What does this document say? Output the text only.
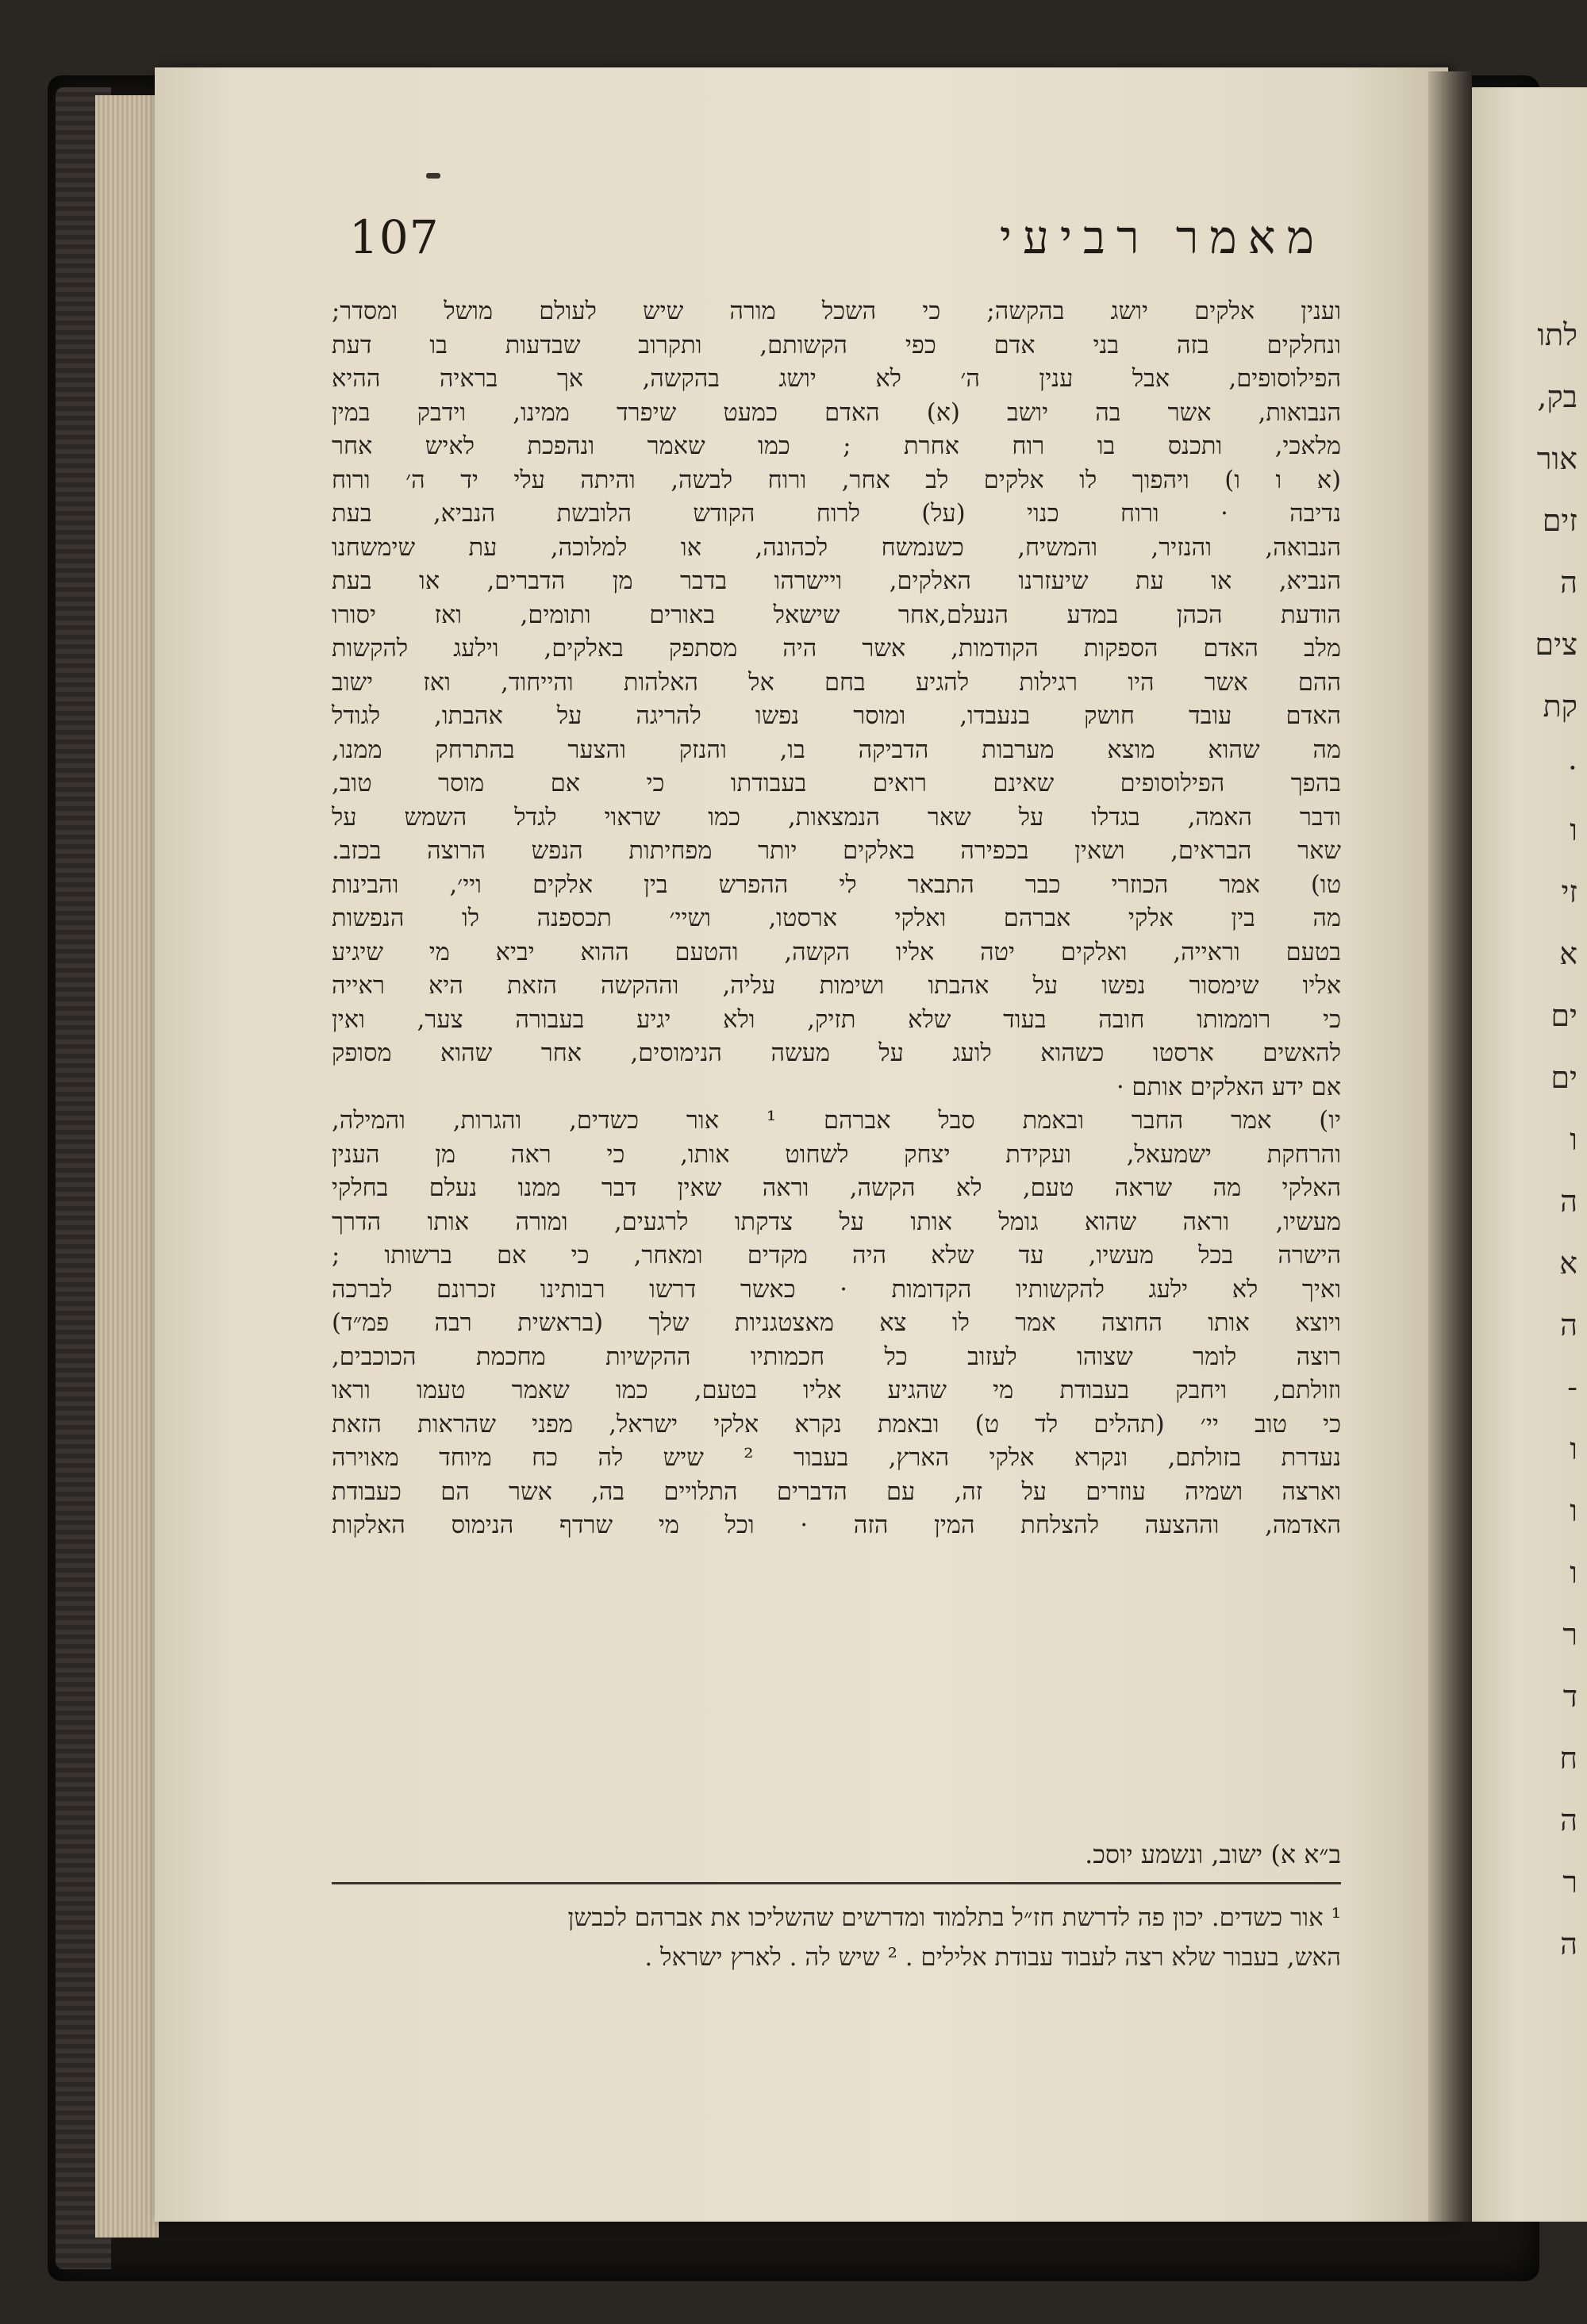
107	מאמר רביעי
וענין אלקים יושג בהקשה; כי השכל מורה שיש לעולם מושל ומסדר;
ונחלקים בזה בני אדם כפי הקשותם, ותקרוב שבדעות בו דעת
הפילוסופים, אבל ענין ה׳ לא יושג בהקשה, אך בראיה ההיא
הנבואות, אשר בה יושב (א) האדם כמעט שיפרד ממינו, וידבק במין
מלאכי, ותכנס בו רוח אחרת ; כמו שאמר ונהפכת לאיש אחר
(א ו ו) ויהפוך לו אלקים לב אחר, ורוח לבשה, והיתה עלי יד ה׳ ורוח
נדיבה · ורוח כנוי (על) לרוח הקודש הלובשת הנביא, בעת
הנבואה, והנזיר, והמשיח, כשנמשח לכהונה, או למלוכה, עת שימשחנו
הנביא, או עת שיעזרנו האלקים, ויישרהו בדבר מן הדברים, או בעת
הודעת הכהן במדע הנעלם,אחר שישאל באורים ותומים, ואז יסורו
מלב האדם הספקות הקודמות, אשר היה מסתפק באלקים, וילעג להקשות
ההם אשר היו רגילות להגיע בחם אל האלהות והייחוד, ואז ישוב
האדם עובד חושק בנעבדו, ומוסר נפשו להריגה על אהבתו, לגודל
מה שהוא מוצא מערבות הדביקה בו, והנזק והצער בהתרחק ממנו,
בהפך הפילוסופים שאינם רואים בעבודתו כי אם מוסר טוב,
ודבר האמה, בגדלו על שאר הנמצאות, כמו שראוי לגדל השמש על
שאר הבראים, ושאין בכפירה באלקים יותר מפחיתות הנפש הרוצה בכזב.
טו) אמר הכוזרי כבר התבאר לי ההפרש בין אלקים ויי׳, והבינות
מה בין אלקי אברהם ואלקי ארסטו, ושיי׳ תכספנה לו הנפשות
בטעם וראייה, ואלקים יטה אליו הקשה, והטעם ההוא יביא מי שיגיע
אליו שימסור נפשו על אהבתו ושימות עליה, וההקשה הזאת היא ראייה
כי רוממותו חובה בעוד שלא תזיק, ולא יגיע בעבורה צער, ואין
להאשים ארסטו כשהוא לועג על מעשה הנימוסים, אחר שהוא מסופק
אם ידע האלקים אותם ·
יו) אמר החבר ובאמת סבל אברהם ¹ אור כשדים, והגרות, והמילה,
והרחקת ישמעאל, ועקידת יצחק לשחוט אותו, כי ראה מן הענין
האלקי מה שראה טעם, לא הקשה, וראה שאין דבר ממנו נעלם בחלקי
מעשיו, וראה שהוא גומל אותו על צדקתו לרגעים, ומורה אותו הדרך
הישרה בכל מעשיו, עד שלא היה מקדים ומאחר, כי אם ברשותו ;
ואיך לא ילעג להקשותיו הקדומות · כאשר דרשו רבותינו זכרונם לברכה
ויוצא אותו החוצה אמר לו צא מאצטגניות שלך (בראשית רבה פמ״ד)
רוצה לומר שצוהו לעזוב כל חכמותיו ההקשיות מחכמת הכוכבים,
וזולתם, ויחבק בעבודת מי שהגיע אליו בטעם, כמו שאמר טעמו וראו
כי טוב יי׳ (תהלים לד ט) ובאמת נקרא אלקי ישראל, מפני שהראות הזאת
נעדרת בזולתם, ונקרא אלקי הארץ, בעבור ² שיש לה כח מיוחד מאוירה
וארצה ושמיה עוזרים על זה, עם הדברים התלויים בה, אשר הם כעבודת
האדמה, וההצעה להצלחת המין הזה · וכל מי שרדף הנימוס האלקות
ב״א א) ישוב, ונשמע יוסכ.
¹ אור כשדים. יכון פה לדרשת חז״ל בתלמוד ומדרשים שהשליכו את אברהם לכבשן
האש, בעבור שלא רצה לעבוד עבודת אלילים . ² שיש לה . לארץ ישראל .
לתו
בק,
אור
זים
ה
צים
קת
·
ו
זי
א
ים
ים
ו
ה
א
ה
-
ו
ו
ו
ר
ד
ח
ה
ר
ה
